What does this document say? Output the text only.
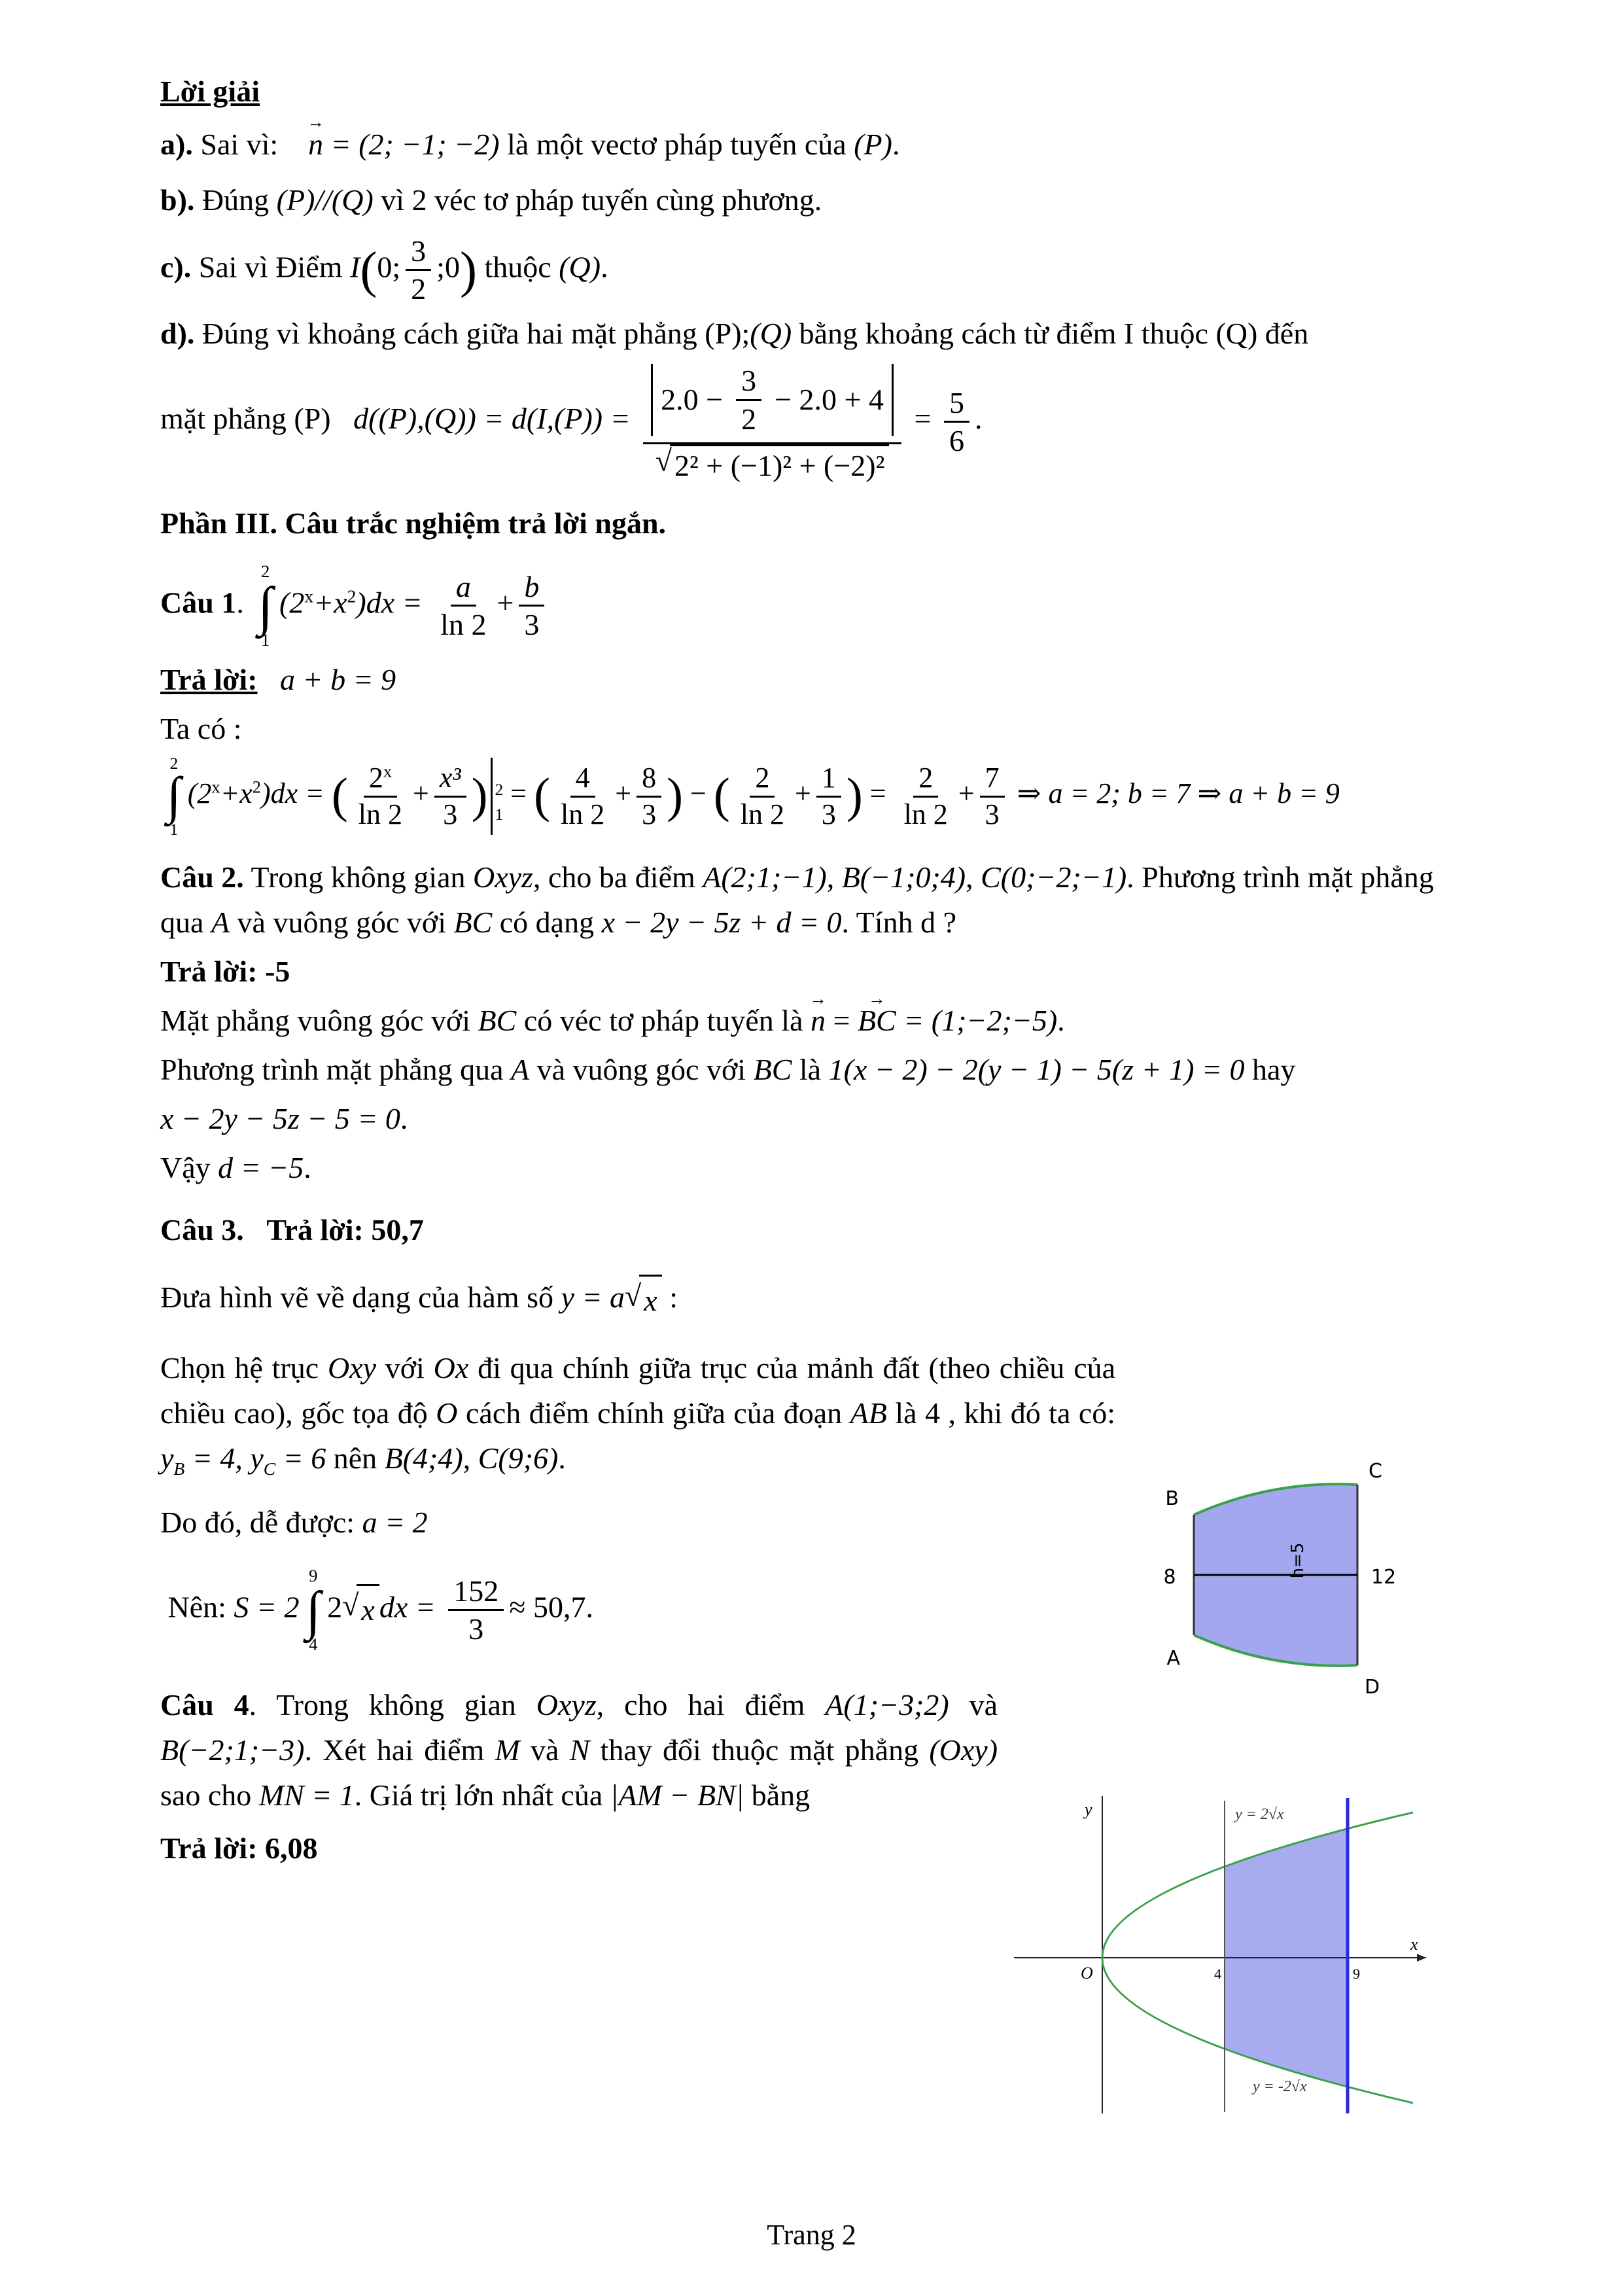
Lời giải

a). Sai vì: n → = (2; −1; −2) là một vectơ pháp tuyến của (P).

b). Đúng (P)//(Q) vì 2 véc tơ pháp tuyến cùng phương.

c). Sai vì Điểm I(0; $\frac{3}{2}$ ;0) thuộc (Q).

d). Đúng vì khoảng cách giữa hai mặt phẳng (P);(Q) bằng khoảng cách từ điểm I thuộc (Q) đến

mặt phẳng (P) $d((P),(Q)) = d(I,(P)) = \frac{2.0 - \frac{3}{2} - 2.0 + 4}{\text{√ 2² + (−1)² + (−2)²}} = \frac{5}{6}$ .

Phần III. Câu trắc nghiệm trả lời ngắn.

Câu 1.
2
∫
1
$(2^x+x^2)dx = \frac{a}{\ln 2} + \frac{b}{3}$

Trả lời: a + b = 9

Ta có :

2
∫
1
$(2^x+x^2)dx$ = ( $\frac{2^x}{\ln 2} + \frac{\text{x³}}{3}$ ) 2
1
= ( $\frac{4}{\ln 2} + \frac{8}{3}$ ) − ( $\frac{2}{\ln 2} + \frac{1}{3}$ ) = $\frac{2}{\ln 2} + \frac{7}{3}$ ⇒ a = 2; b = 7 ⇒ a + b = 9

Câu 2. Trong không gian Oxyz, cho ba điểm A(2;1;−1), B(−1;0;4), C(0;−2;−1). Phương trình mặt phẳng qua A và vuông góc với BC có dạng x − 2y − 5z + d = 0. Tính d ?

Trả lời: -5

Mặt phẳng vuông góc với BC có véc tơ pháp tuyến là n → = BC → = (1;−2;−5).

Phương trình mặt phẳng qua A và vuông góc với BC là 1(x − 2) − 2(y − 1) − 5(z + 1) = 0 hay

x − 2y − 5z − 5 = 0.

Vậy d = −5.

Câu 3. Trả lời: 50,7

Đưa hình vẽ về dạng của hàm số y = a √ x :

Chọn hệ trục Oxy với Ox đi qua chính giữa trục của mảnh đất (theo chiều của chiều cao), gốc tọa độ O cách điểm chính giữa của đoạn AB là 4 , khi đó ta có: $y_B = 4$, $y_C = 6$ nên B(4;4), C(9;6).

Do đó, dễ được: a = 2

Nên: S = 2
9
∫
4
2 √ x dx = $\frac{152}{3} \approx 50,7$.

Câu 4. Trong không gian Oxyz, cho hai điểm A(1;−3;2) và B(−2;1;−3). Xét hai điểm M và N thay đổi thuộc mặt phẳng (Oxy) sao cho MN = 1. Giá trị lớn nhất của |AM − BN| bằng

Trả lời: 6,08

B
C
A
D
8	12
h=5
y
x
O	4	9
y = 2√x
y = -2√x
Trang 2
